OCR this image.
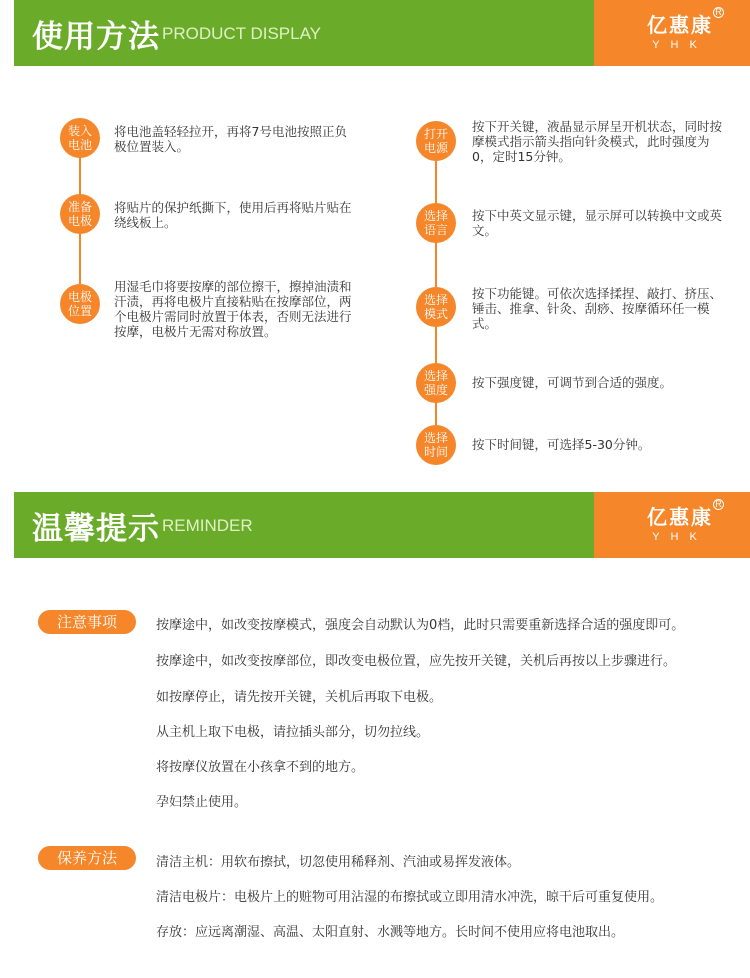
使用方法 PRODUCT DISPLAY	亿惠康
YHK
R
装入电池
将电池盖轻轻拉开，再将7号电池按照正负极位置装入。
准备电极
将贴片的保护纸撕下，使用后再将贴片贴在绕线板上。
电极位置
用湿毛巾将要按摩的部位擦干，擦掉油渍和汗渍，再将电极片直接粘贴在按摩部位，两个电极片需同时放置于体表，否则无法进行按摩，电极片无需对称放置。
打开电源
按下开关键，液晶显示屏呈开机状态，同时按摩模式指示箭头指向针灸模式，此时强度为0，定时15分钟。
选择语言
按下中英文显示键，显示屏可以转换中文或英文。
选择模式
按下功能键。可依次选择揉捏、敲打、挤压、锤击、推拿、针灸、刮痧、按摩循环任一模式。
选择强度	按下强度键，可调节到合适的强度。
选择时间	按下时间键，可选择5-30分钟。
温馨提示 REMINDER	亿惠康
YHK
R
注意事项	按摩途中，如改变按摩模式，强度会自动默认为0档，此时只需要重新选择合适的强度即可。
按摩途中，如改变按摩部位，即改变电极位置，应先按开关键，关机后再按以上步骤进行。
如按摩停止，请先按开关键，关机后再取下电极。
从主机上取下电极，请拉插头部分，切勿拉线。
将按摩仪放置在小孩拿不到的地方。
孕妇禁止使用。
保养方法	清洁主机：用软布擦拭，切忽使用稀释剂、汽油或易挥发液体。
清洁电极片：电极片上的赃物可用沾湿的布擦拭或立即用清水冲洗，晾干后可重复使用。
存放：应远离潮湿、高温、太阳直射、水溅等地方。长时间不使用应将电池取出。
